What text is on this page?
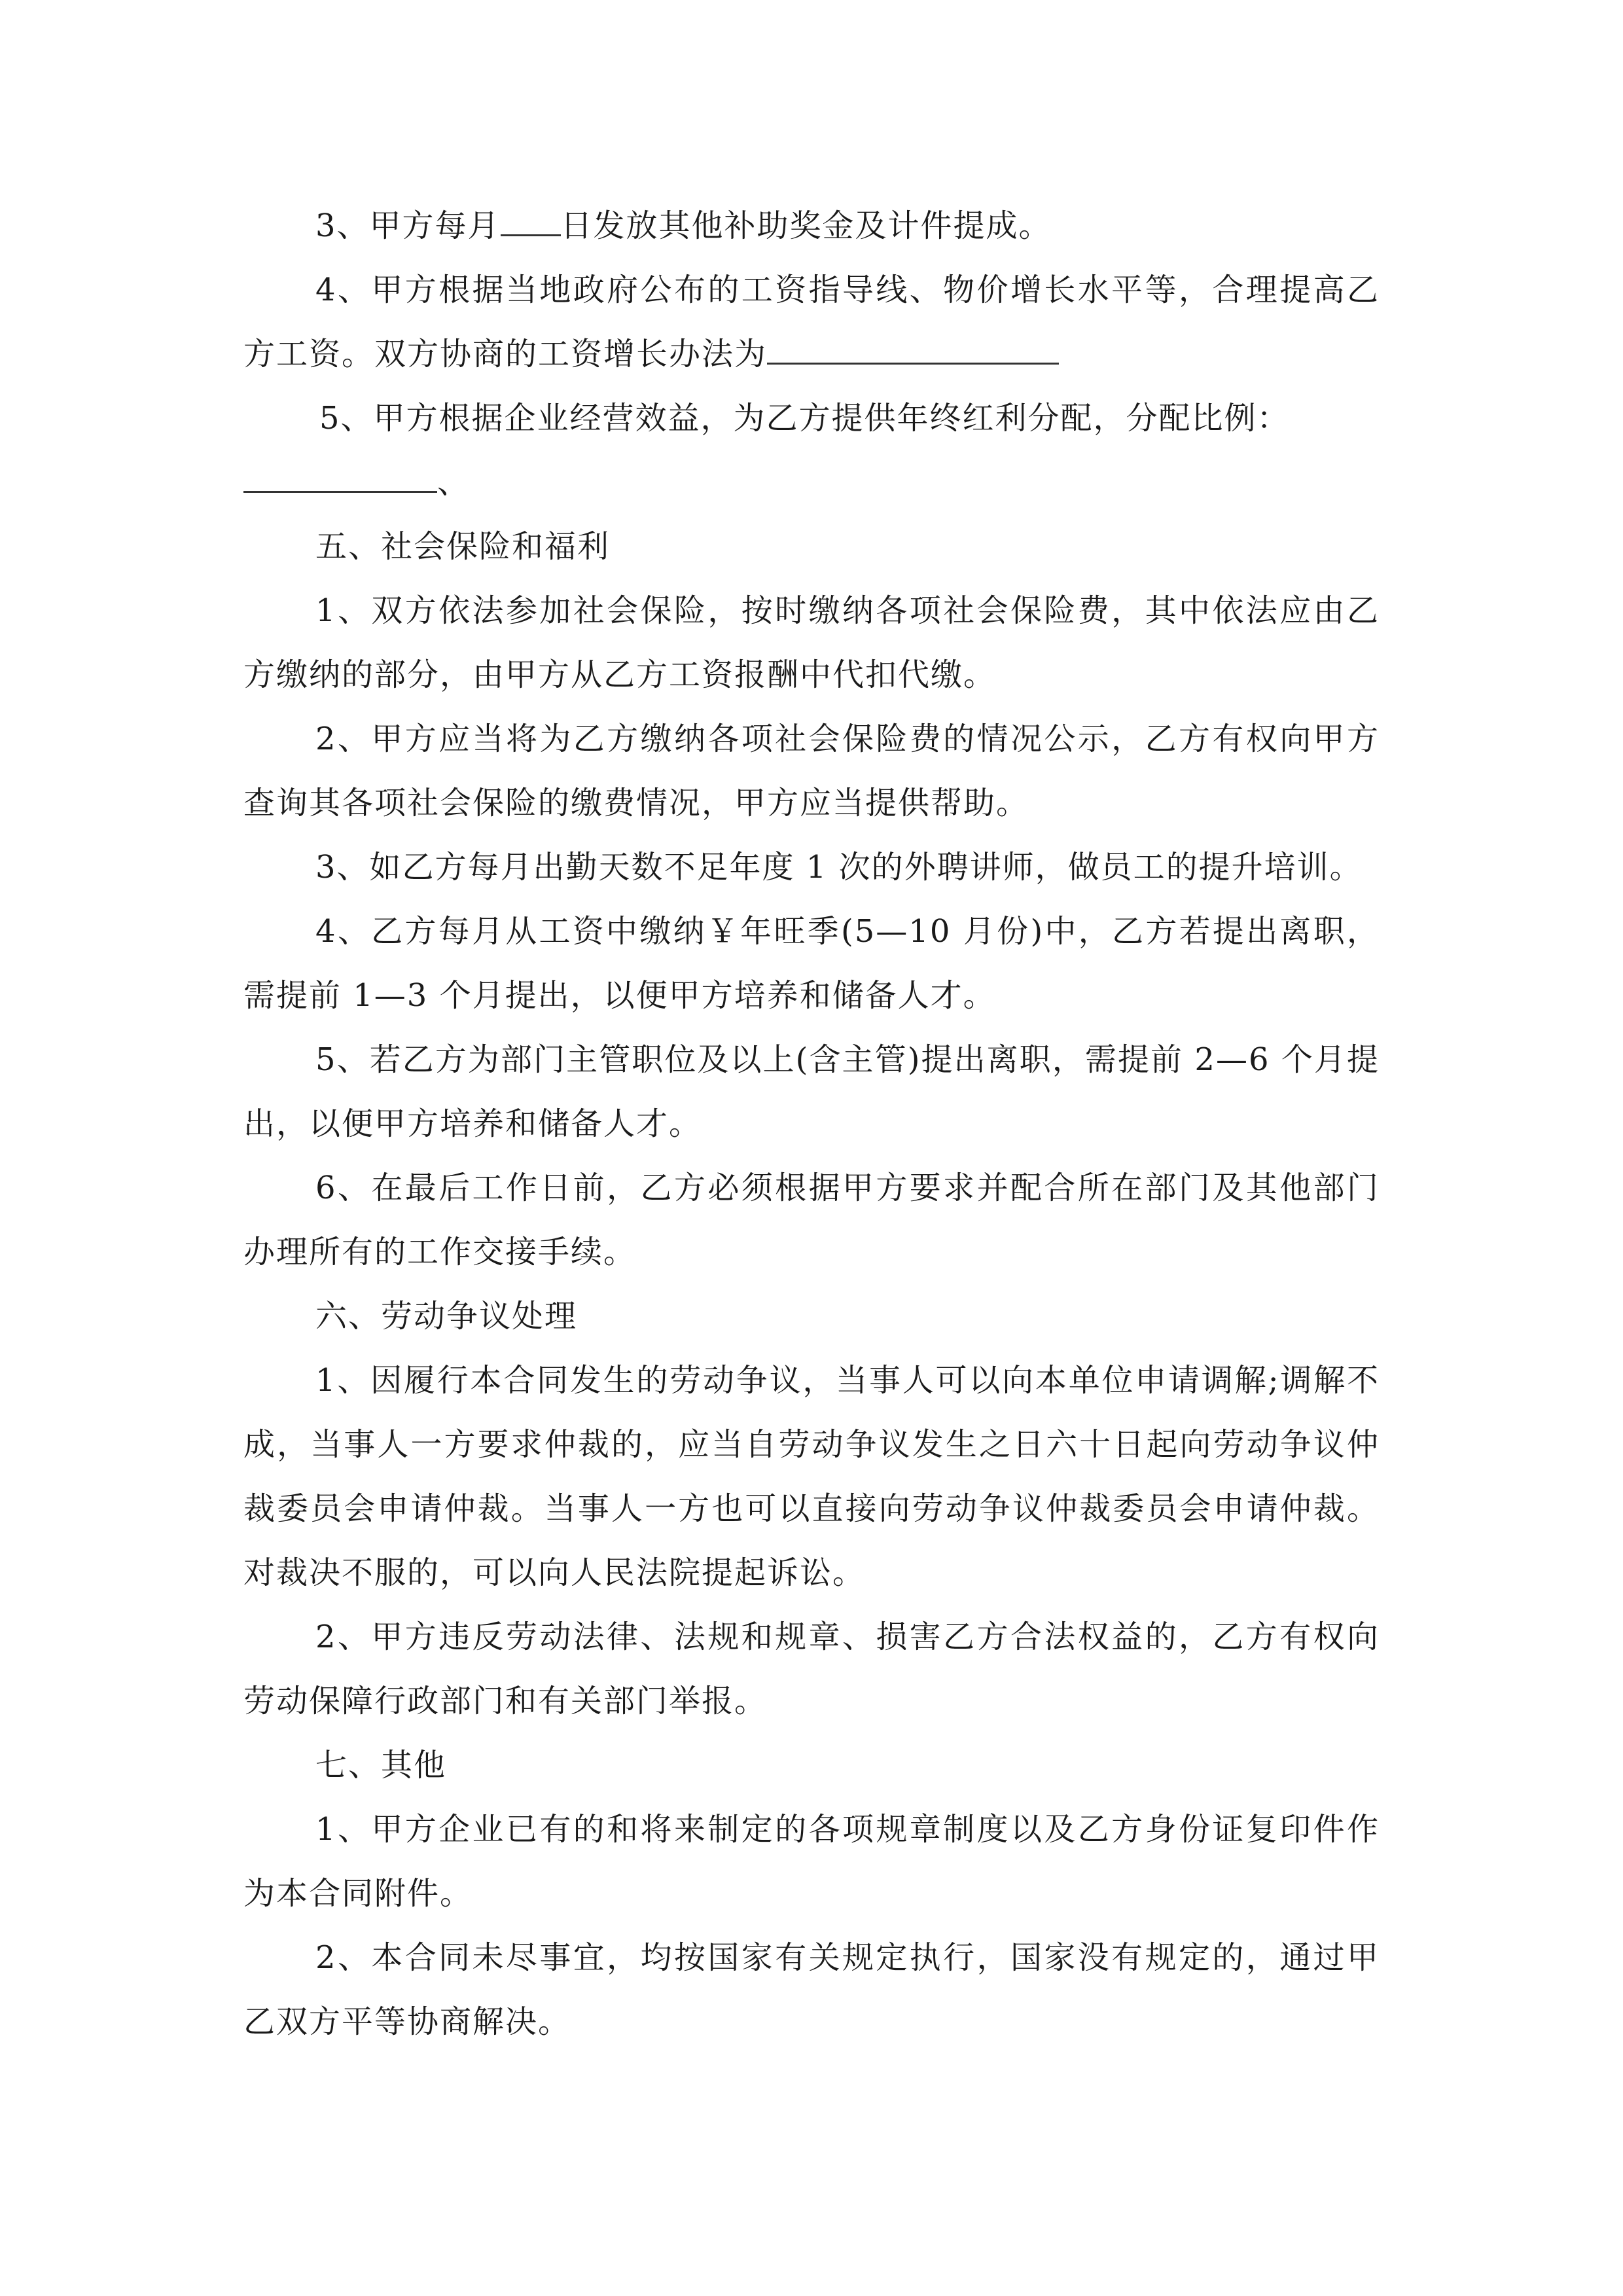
3、甲方每月 日发放其他补助奖金及计件提成。

4、甲方根据当地政府公布的工资指导线、物价增长水平等，合理提高乙方工资。双方协商的工资增长办法为

5、甲方根据企业经营效益，为乙方提供年终红利分配，分配比例：
、

五、社会保险和福利

1、双方依法参加社会保险，按时缴纳各项社会保险费，其中依法应由乙方缴纳的部分，由甲方从乙方工资报酬中代扣代缴。

2、甲方应当将为乙方缴纳各项社会保险费的情况公示，乙方有权向甲方查询其各项社会保险的缴费情况，甲方应当提供帮助。

3、如乙方每月出勤天数不足年度 1 次的外聘讲师，做员工的提升培训。

4、乙方每月从工资中缴纳￥年旺季(5—10 月份)中，乙方若提出离职，需提前 1—3 个月提出，以便甲方培养和储备人才。

5、若乙方为部门主管职位及以上(含主管)提出离职，需提前 2—6 个月提出，以便甲方培养和储备人才。

6、在最后工作日前，乙方必须根据甲方要求并配合所在部门及其他部门办理所有的工作交接手续。

六、劳动争议处理

1、因履行本合同发生的劳动争议，当事人可以向本单位申请调解;调解不成，当事人一方要求仲裁的，应当自劳动争议发生之日六十日起向劳动争议仲裁委员会申请仲裁。当事人一方也可以直接向劳动争议仲裁委员会申请仲裁。对裁决不服的，可以向人民法院提起诉讼。

2、甲方违反劳动法律、法规和规章、损害乙方合法权益的，乙方有权向劳动保障行政部门和有关部门举报。

七、其他

1、甲方企业已有的和将来制定的各项规章制度以及乙方身份证复印件作为本合同附件。

2、本合同未尽事宜，均按国家有关规定执行，国家没有规定的，通过甲乙双方平等协商解决。
